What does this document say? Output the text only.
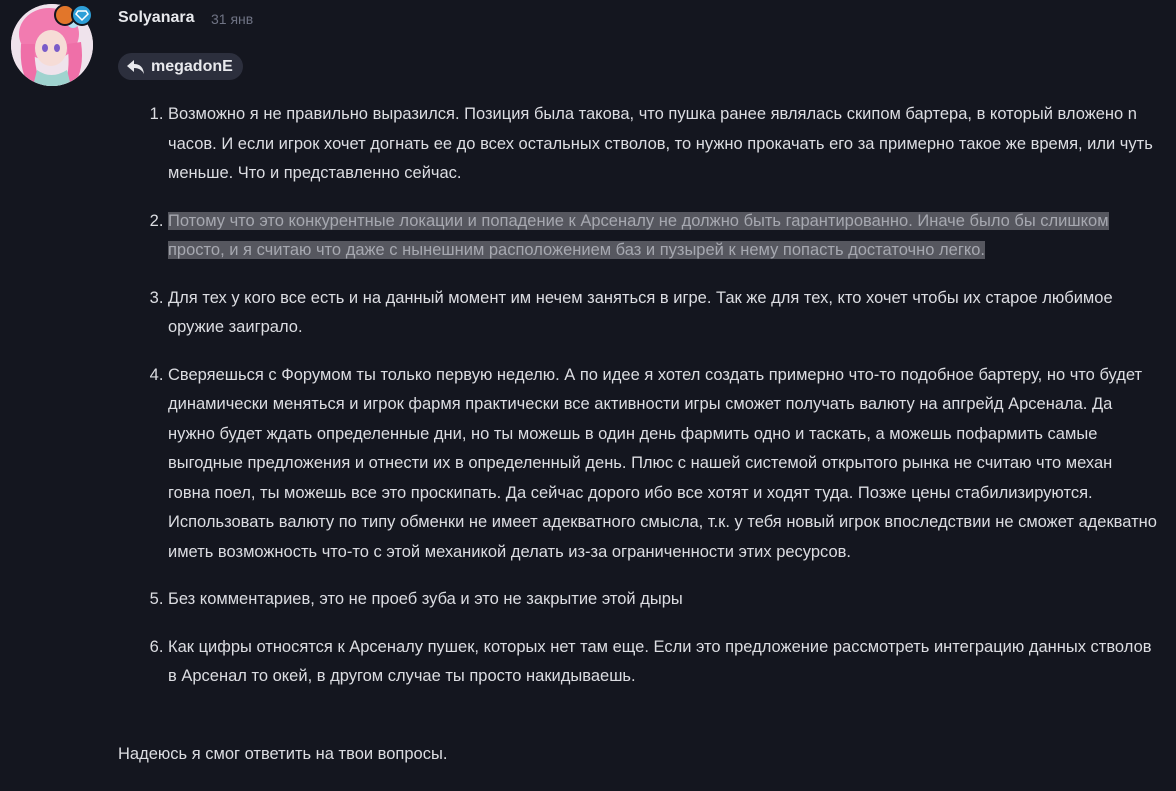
Solyanara 31 янв
megadonE
1. Возможно я не правильно выразился. Позиция была такова, что пушка ранее являлась скипом бартера, в который вложено n часов. И если игрок хочет догнать ее до всех остальных стволов, то нужно прокачать его за примерно такое же время, или чуть меньше. Что и представленно сейчас.
2. Потому что это конкурентные локации и попадение к Арсеналу не должно быть гарантированно. Иначе было бы слишком просто, и я считаю что даже с нынешним расположением баз и пузырей к нему попасть достаточно легко.
3. Для тех у кого все есть и на данный момент им нечем заняться в игре. Так же для тех, кто хочет чтобы их старое любимое оружие заиграло.
4. Сверяешься с Форумом ты только первую неделю. А по идее я хотел создать примерно что-то подобное бартеру, но что будет динамически меняться и игрок фармя практически все активности игры сможет получать валюту на апгрейд Арсенала. Да нужно будет ждать определенные дни, но ты можешь в один день фармить одно и таскать, а можешь пофармить самые выгодные предложения и отнести их в определенный день. Плюс с нашей системой открытого рынка не считаю что механ говна поел, ты можешь все это проскипать. Да сейчас дорого ибо все хотят и ходят туда. Позже цены стабилизируются. Использовать валюту по типу обменки не имеет адекватного смысла, т.к. у тебя новый игрок впоследствии не сможет адекватно иметь возможность что-то с этой механикой делать из-за ограниченности этих ресурсов.
5. Без комментариев, это не проеб зуба и это не закрытие этой дыры
6. Как цифры относятся к Арсеналу пушек, которых нет там еще. Если это предложение рассмотреть интеграцию данных стволов в Арсенал то окей, в другом случае ты просто накидываешь.

Надеюсь я смог ответить на твои вопросы.
